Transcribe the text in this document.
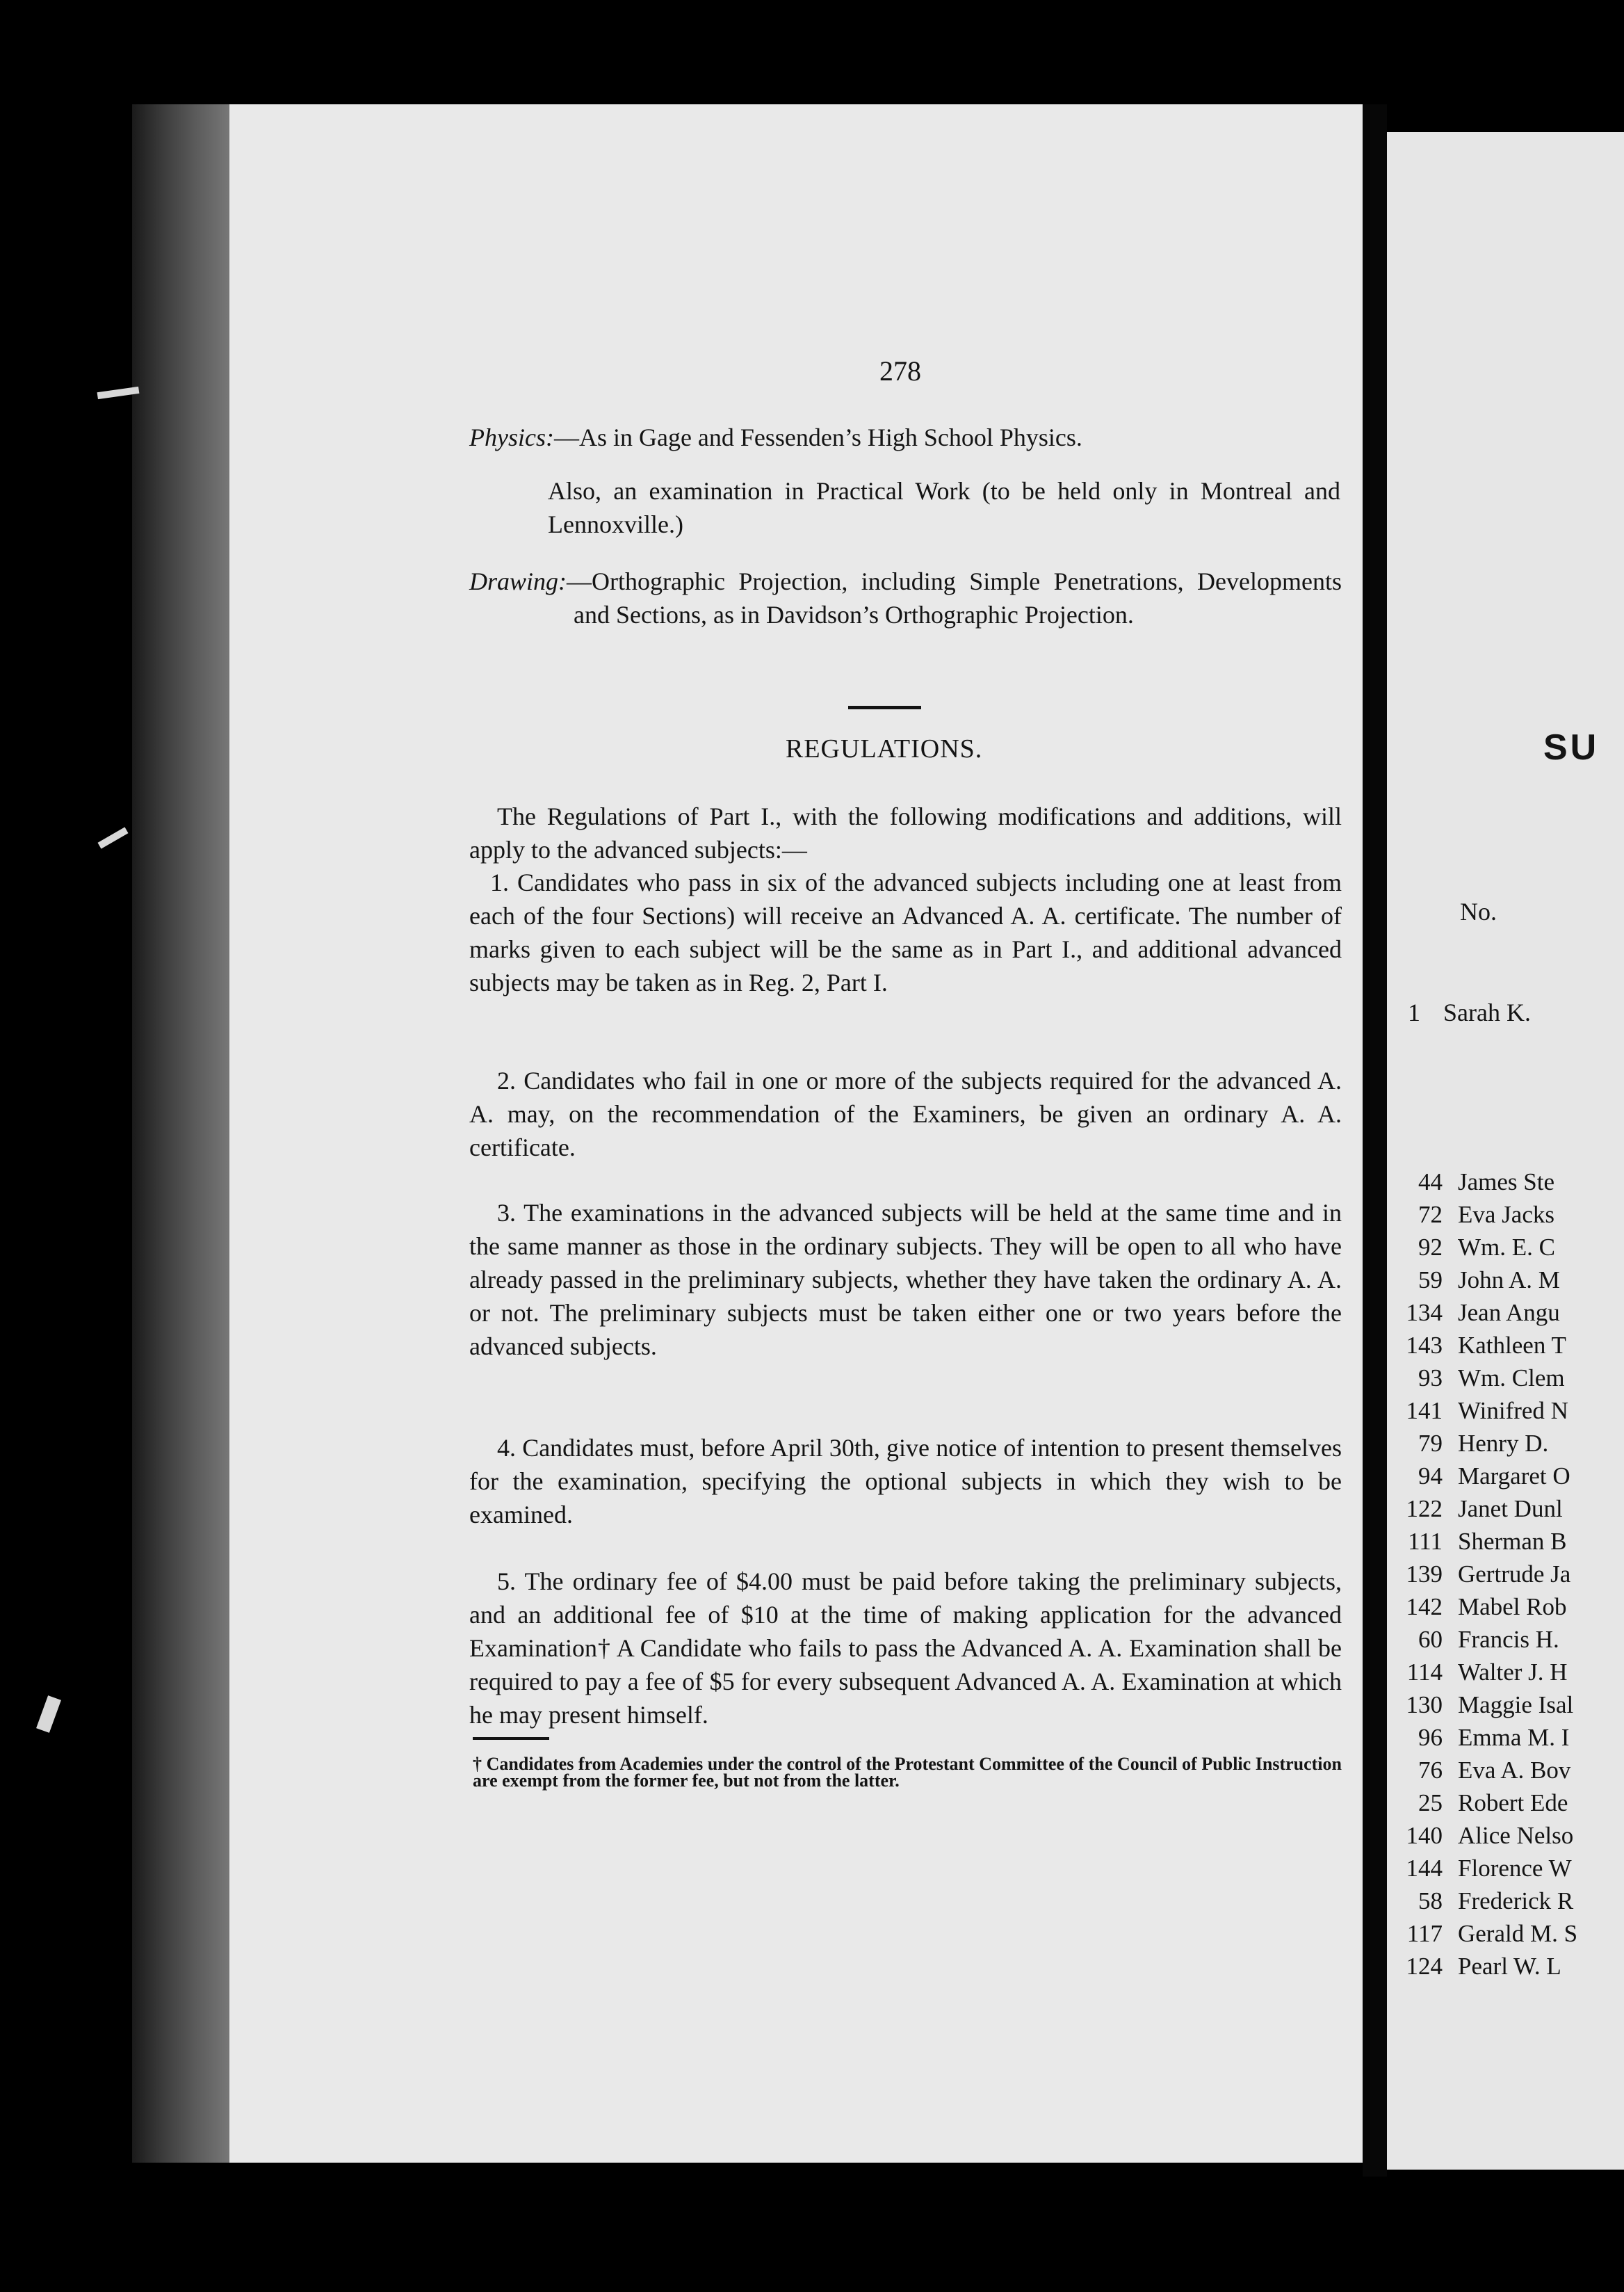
SU
No.
1 Sarah K.
44 James Ste
72 Eva Jacks
92 Wm. E. C
59 John A. M
134 Jean Angu
143 Kathleen T
93 Wm. Clem
141 Winifred N
79 Henry D.
94 Margaret O
122 Janet Dunl
111 Sherman B
139 Gertrude Ja
142 Mabel Rob
60 Francis H.
114 Walter J. H
130 Maggie Isal
96 Emma M. I
76 Eva A. Bov
25 Robert Ede
140 Alice Nelso
144 Florence W
58 Frederick R
117 Gerald M. S
124 Pearl W. L
278

Physics:—As in Gage and Fessenden’s High School Physics.

Also, an examination in Practical Work (to be held only in Montreal and Lennoxville.)

Drawing:—Orthographic Projection, including Simple Penetrations, Developments and Sections, as in Davidson’s Orthographic Projection.

REGULATIONS.

The Regulations of Part I., with the following modifications and additions, will apply to the advanced subjects:—

1. Candidates who pass in six of the advanced subjects including one at least from each of the four Sections) will receive an Advanced A. A. certificate. The number of marks given to each subject will be the same as in Part I., and additional advanced subjects may be taken as in Reg. 2, Part I.

2. Candidates who fail in one or more of the subjects required for the advanced A. A. may, on the recommendation of the Examiners, be given an ordinary A. A. certificate.

3. The examinations in the advanced subjects will be held at the same time and in the same manner as those in the ordinary subjects. They will be open to all who have already passed in the preliminary subjects, whether they have taken the ordinary A. A. or not. The preliminary subjects must be taken either one or two years before the advanced subjects.

4. Candidates must, before April 30th, give notice of intention to present themselves for the examination, specifying the optional subjects in which they wish to be examined.

5. The ordinary fee of $4.00 must be paid before taking the preliminary subjects, and an additional fee of $10 at the time of making application for the advanced Examination† A Candidate who fails to pass the Advanced A. A. Examination shall be required to pay a fee of $5 for every subsequent Advanced A. A. Examination at which he may present himself.

† Candidates from Academies under the control of the Protestant Committee of the Council of Public Instruction are exempt from the former fee, but not from the latter.
